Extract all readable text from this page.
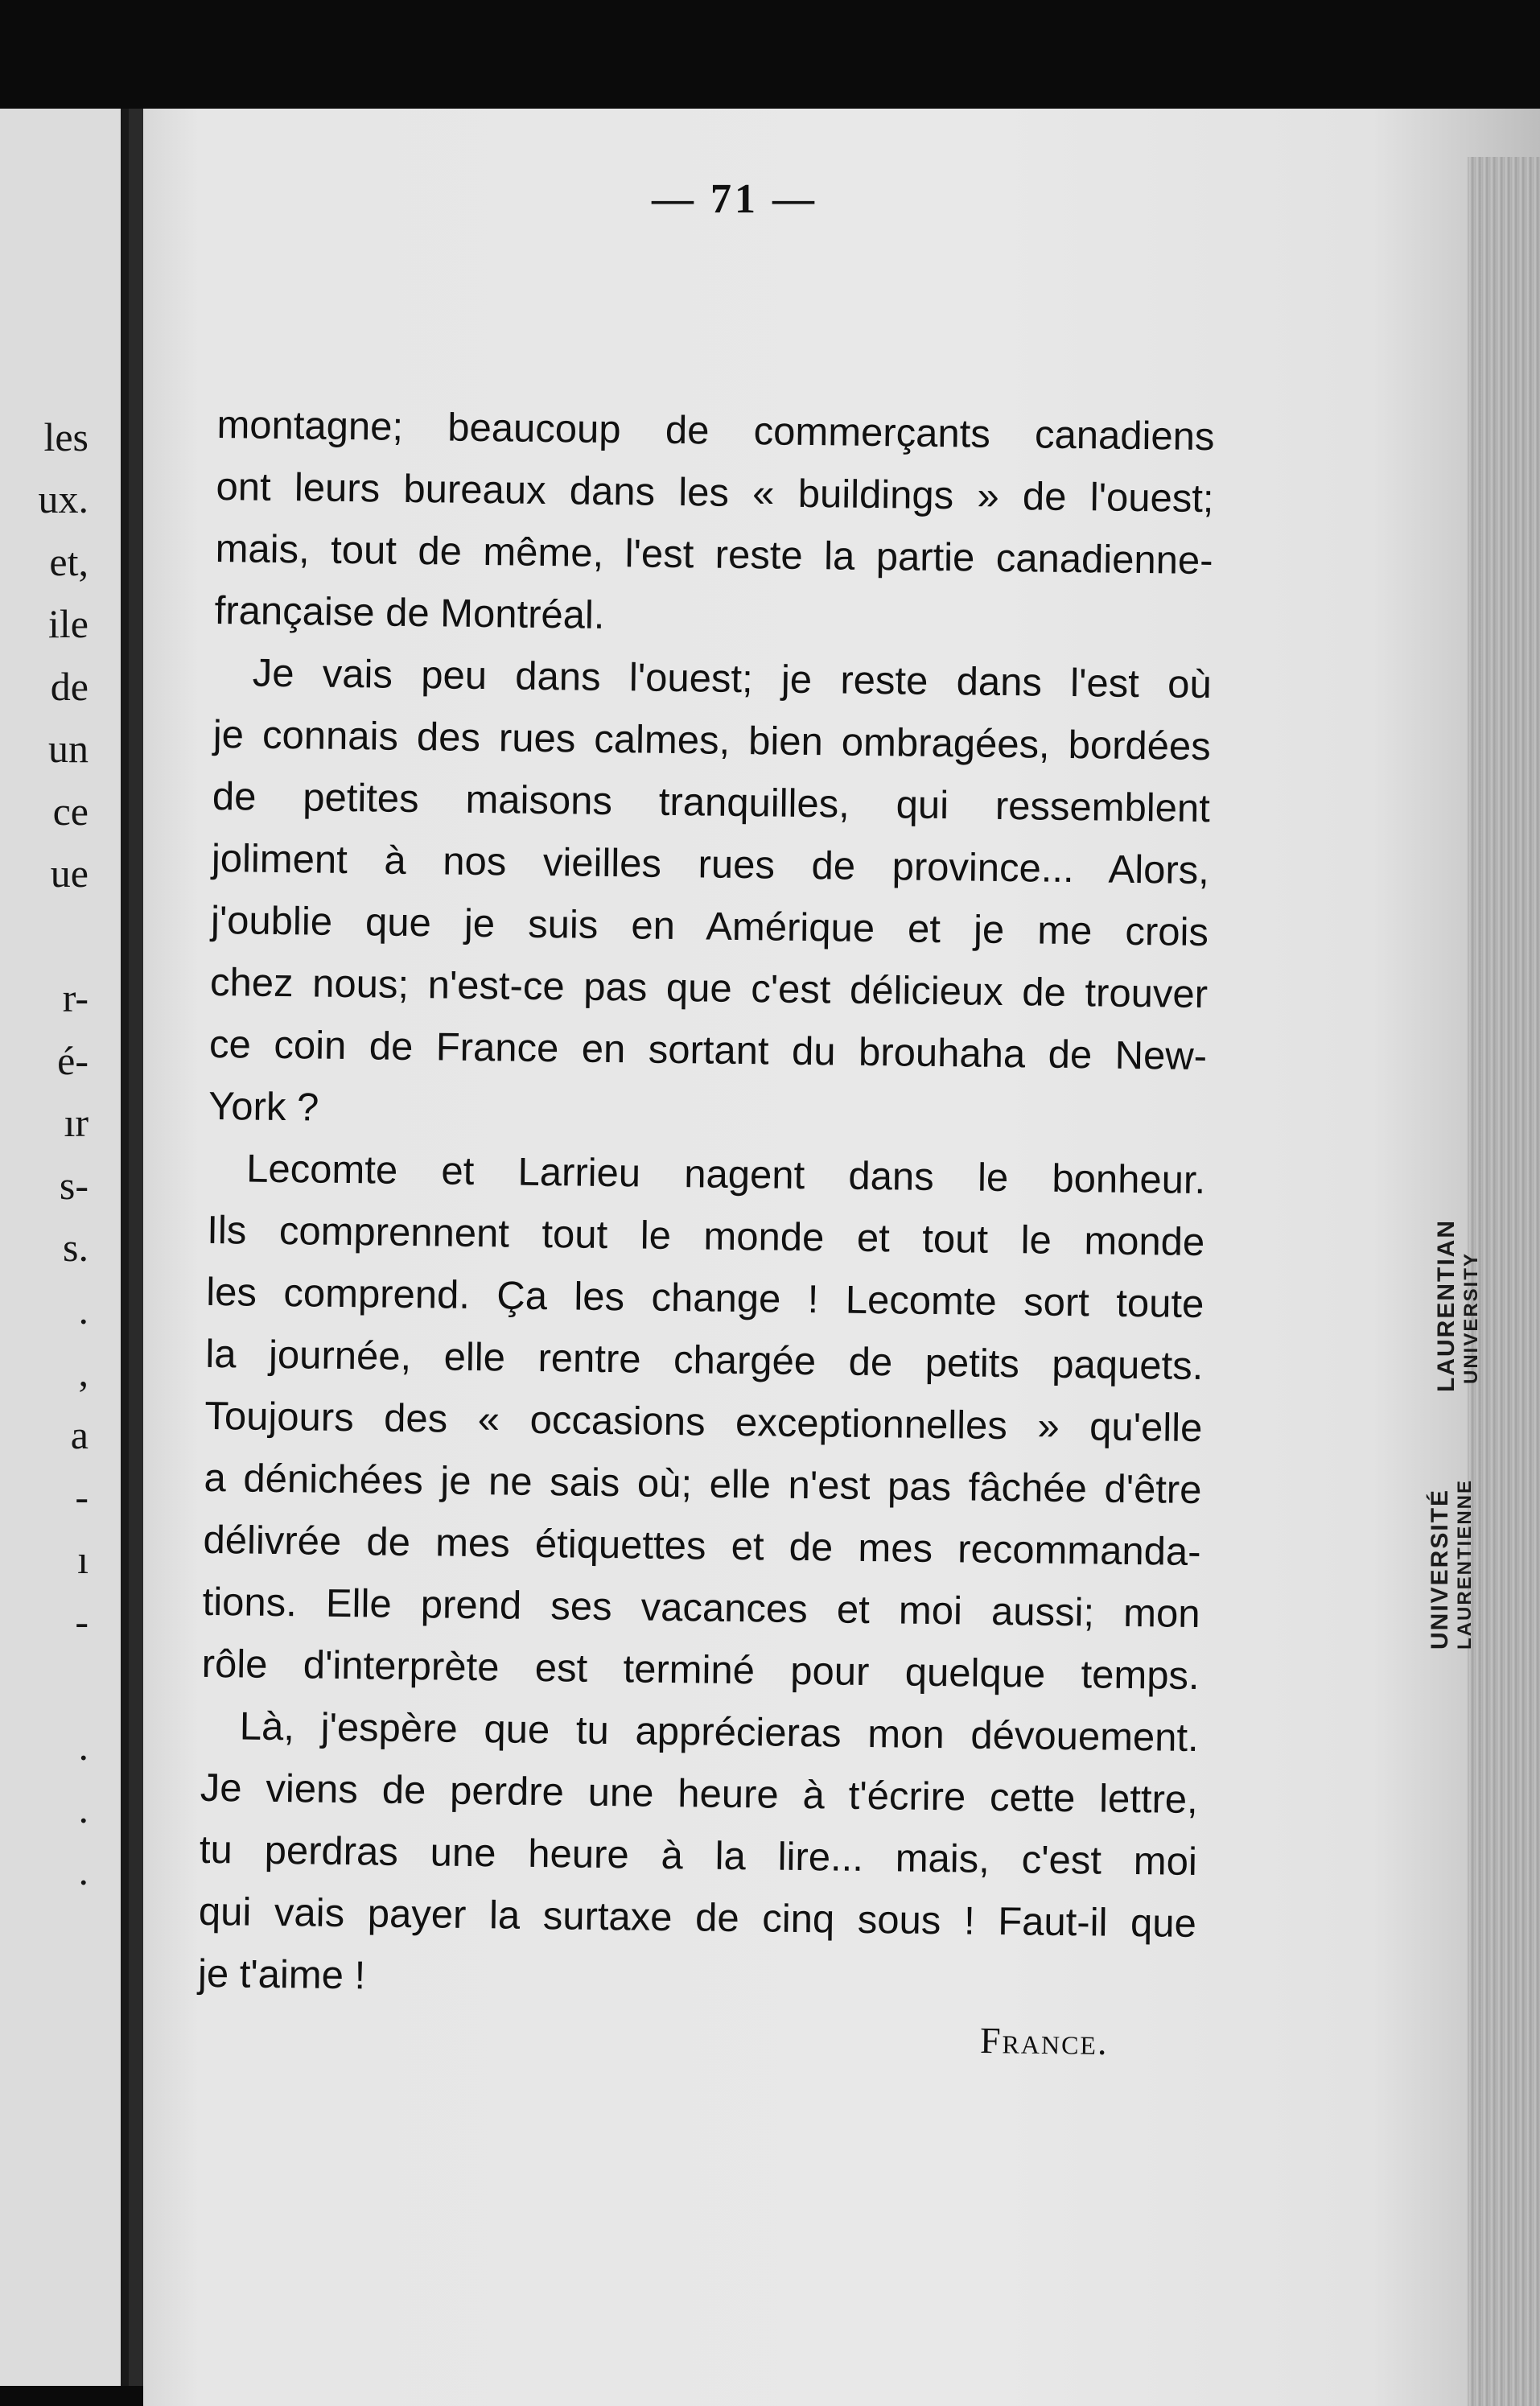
les
ux.
et,
ile
de
un
ce
ue
r-
é-
ır
s-
s.
.
,
a
-
ı
-
.
.
.
— 71 —
montagne; beaucoup de commerçants canadiens
ont leurs bureaux dans les « buildings » de l'ouest;
mais, tout de même, l'est reste la partie canadienne-
française de Montréal.
Je vais peu dans l'ouest; je reste dans l'est où
je connais des rues calmes, bien ombragées, bordées
de petites maisons tranquilles, qui ressemblent
joliment à nos vieilles rues de province... Alors,
j'oublie que je suis en Amérique et je me crois
chez nous; n'est-ce pas que c'est délicieux de trouver
ce coin de France en sortant du brouhaha de New-
York ?
Lecomte et Larrieu nagent dans le bonheur.
Ils comprennent tout le monde et tout le monde
les comprend. Ça les change ! Lecomte sort toute
la journée, elle rentre chargée de petits paquets.
Toujours des « occasions exceptionnelles » qu'elle
a dénichées je ne sais où; elle n'est pas fâchée d'être
délivrée de mes étiquettes et de mes recommanda-
tions. Elle prend ses vacances et moi aussi; mon
rôle d'interprète est terminé pour quelque temps.
Là, j'espère que tu apprécieras mon dévouement.
Je viens de perdre une heure à t'écrire cette lettre,
tu perdras une heure à la lire... mais, c'est moi
qui vais payer la surtaxe de cinq sous ! Faut-il que
je t'aime !
France.
LAURENTIAN UNIVERSITY
UNIVERSITÉ LAURENTIENNE
